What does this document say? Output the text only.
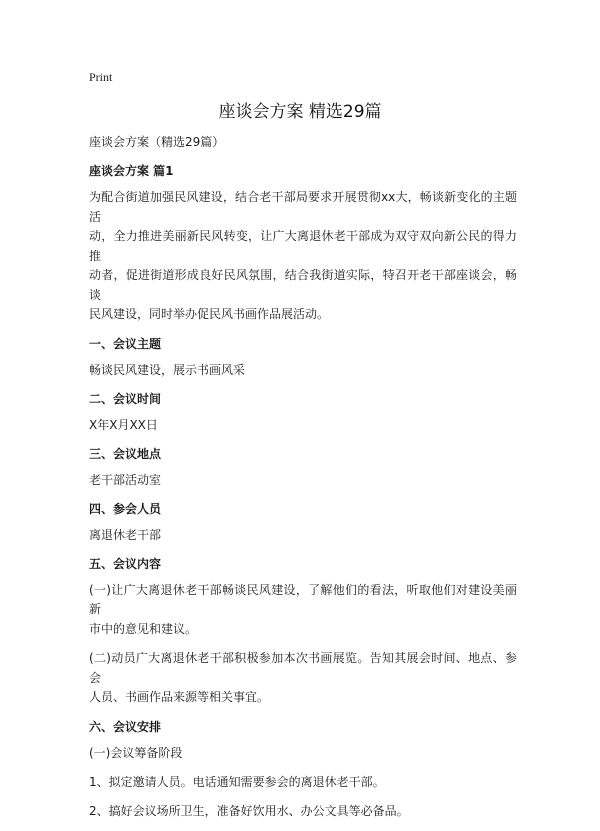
Print
座谈会方案 精选29篇

座谈会方案（精选29篇）

座谈会方案 篇1

为配合街道加强民风建设，结合老干部局要求开展贯彻xx大，畅谈新变化的主题活
动，全力推进美丽新民风转变，让广大离退休老干部成为双守双向新公民的得力推
动者，促进街道形成良好民风氛围，结合我街道实际，特召开老干部座谈会，畅谈
民风建设，同时举办促民风书画作品展活动。

一、会议主题

畅谈民风建设，展示书画风采

二、会议时间

X年X月XX日

三、会议地点

老干部活动室

四、参会人员

离退休老干部

五、会议内容

(一)让广大离退休老干部畅谈民风建设，了解他们的看法，听取他们对建设美丽新
市中的意见和建议。
(二)动员广大离退休老干部积极参加本次书画展览。告知其展会时间、地点、参会
人员、书画作品来源等相关事宜。

六、会议安排

(一)会议筹备阶段

1、拟定邀请人员。电话通知需要参会的离退休老干部。

2、搞好会议场所卫生，准备好饮用水、办公文具等必备品。
